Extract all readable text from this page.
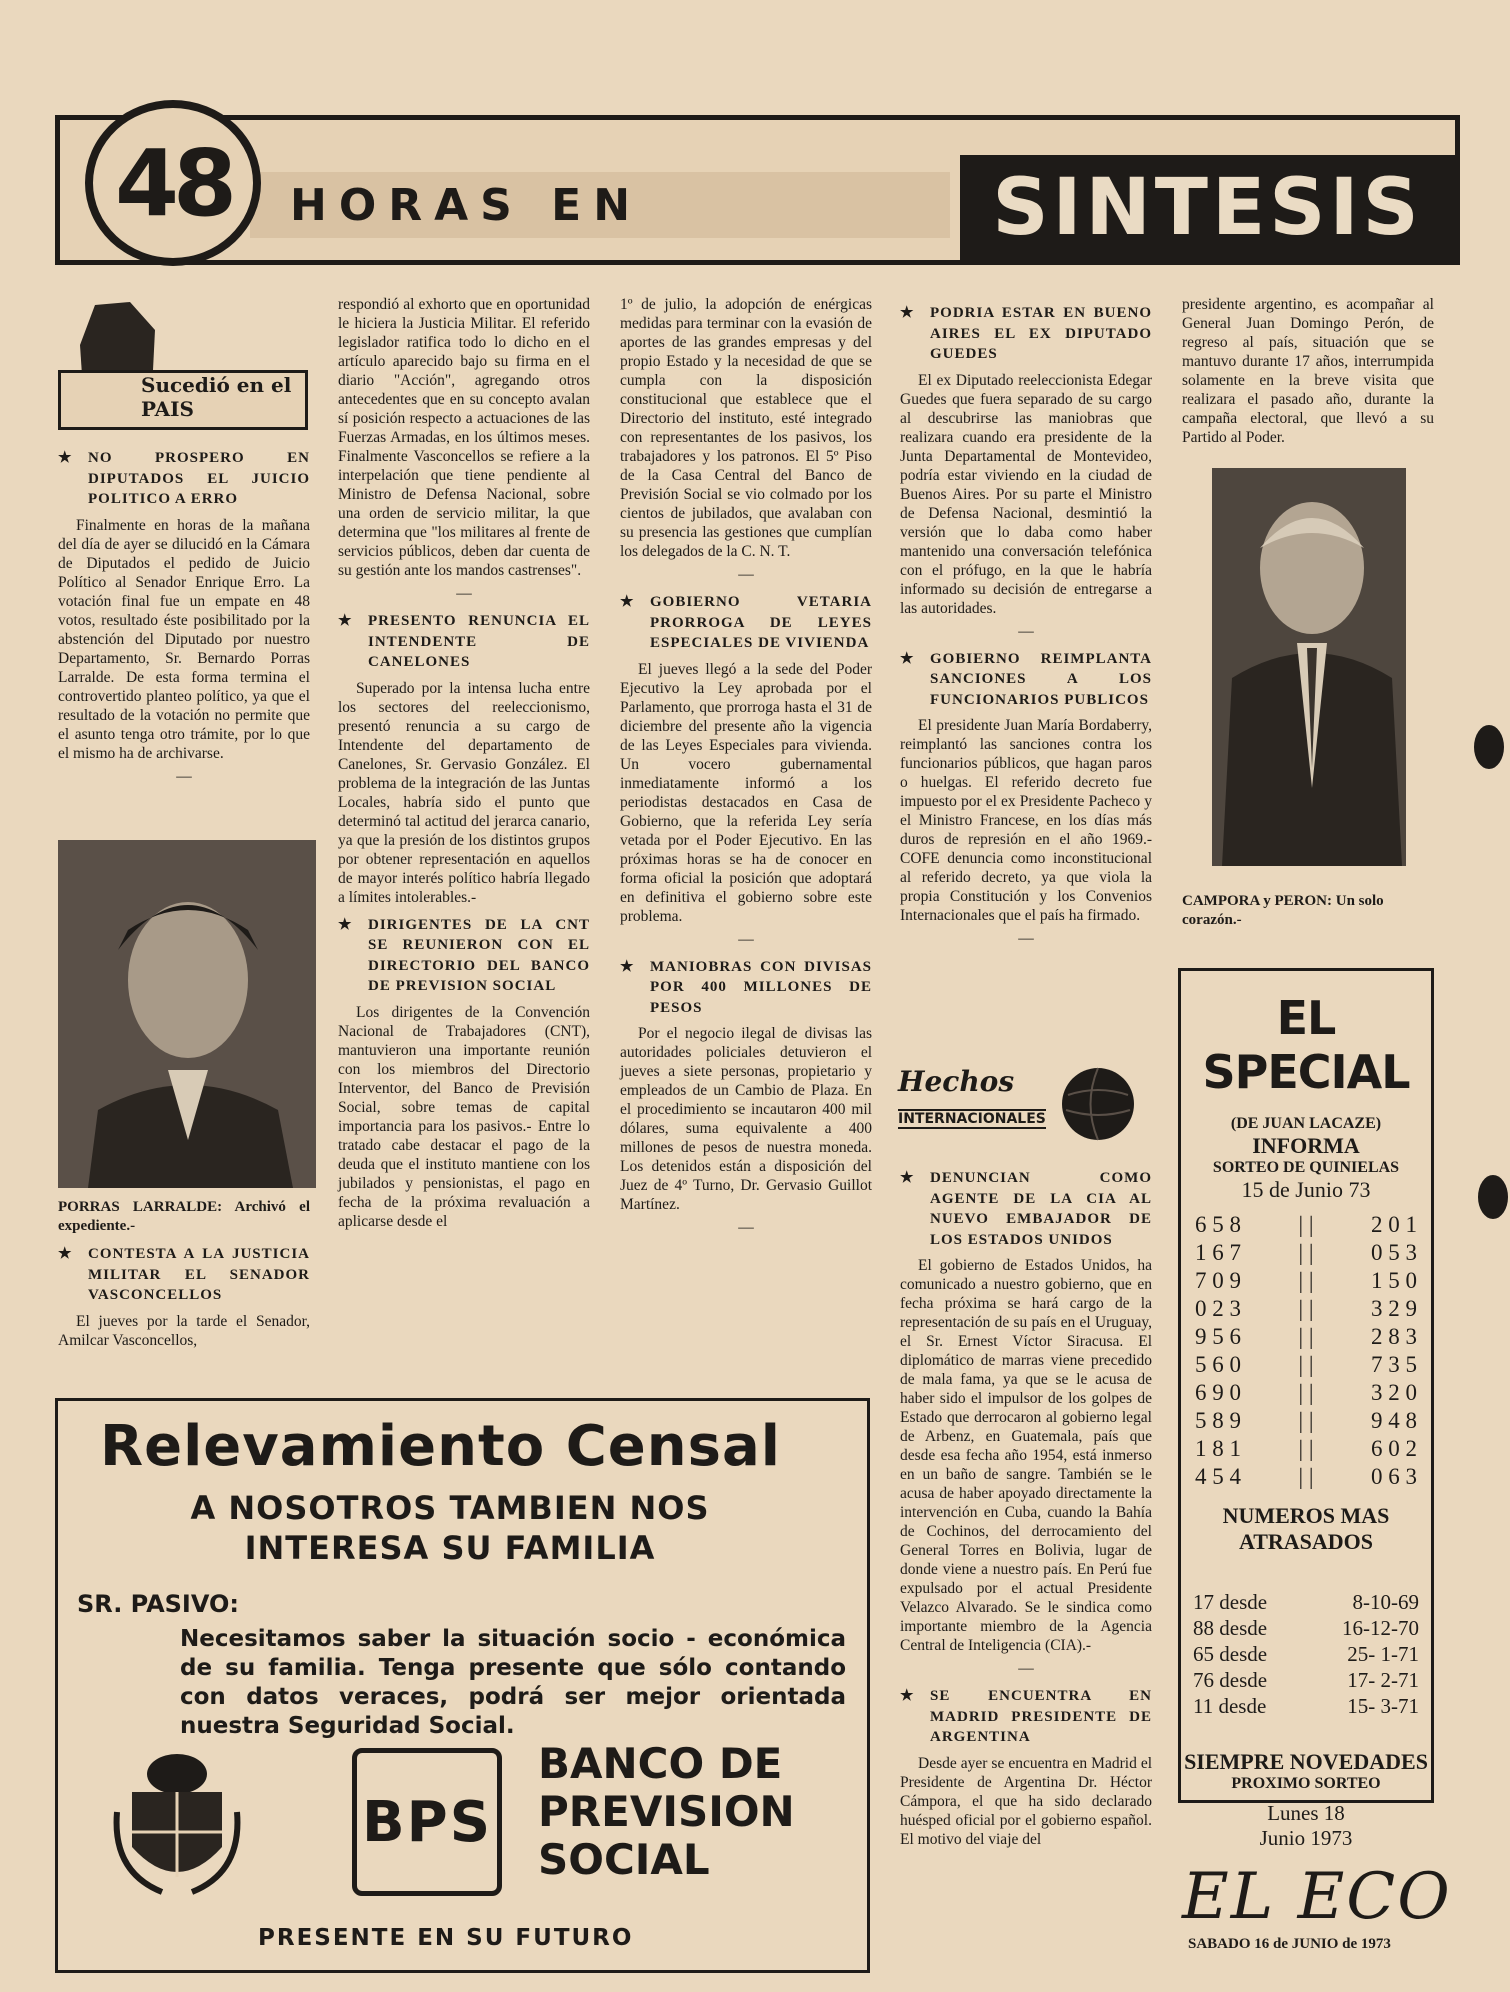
48	HORAS EN	SINTESIS
Sucedió en el PAIS
★	NO PROSPERO EN DIPUTADOS EL JUICIO POLITICO A ERRO

Finalmente en horas de la mañana del día de ayer se dilucidó en la Cámara de Diputados el pedido de Juicio Político al Senador Enrique Erro. La votación final fue un empate en 48 votos, resultado éste posibilitado por la abstención del Diputado por nuestro Departamento, Sr. Bernardo Porras Larralde. De esta forma termina el controvertido planteo político, ya que el resultado de la votación no permite que el asunto tenga otro trámite, por lo que el mismo ha de archivarse.

—
PORRAS LARRALDE: Archivó el expediente.-
★	CONTESTA A LA JUSTICIA MILITAR EL SENADOR VASCONCELLOS

El jueves por la tarde el Senador, Amilcar Vasconcellos,

respondió al exhorto que en oportunidad le hiciera la Justicia Militar. El referido legislador ratifica todo lo dicho en el artículo aparecido bajo su firma en el diario "Acción", agregando otros antecedentes que en su concepto avalan sí posición respecto a actuaciones de las Fuerzas Armadas, en los últimos meses. Finalmente Vasconcellos se refiere a la interpelación que tiene pendiente al Ministro de Defensa Nacional, sobre una orden de servicio militar, la que determina que "los militares al frente de servicios públicos, deben dar cuenta de su gestión ante los mandos castrenses".

—
★	PRESENTO RENUNCIA EL INTENDENTE DE CANELONES

Superado por la intensa lucha entre los sectores del reeleccionismo, presentó renuncia a su cargo de Intendente del departamento de Canelones, Sr. Gervasio González. El problema de la integración de las Juntas Locales, habría sido el punto que determinó tal actitud del jerarca canario, ya que la presión de los distintos grupos por obtener representación en aquellos de mayor interés político habría llegado a límites intolerables.-

★	DIRIGENTES DE LA CNT SE REUNIERON CON EL DIRECTORIO DEL BANCO DE PREVISION SOCIAL

Los dirigentes de la Convención Nacional de Trabajadores (CNT), mantuvieron una importante reunión con los miembros del Directorio Interventor, del Banco de Previsión Social, sobre temas de capital importancia para los pasivos.- Entre lo tratado cabe destacar el pago de la deuda que el instituto mantiene con los jubilados y pensionistas, el pago en fecha de la próxima revaluación a aplicarse desde el

1º de julio, la adopción de enérgicas medidas para terminar con la evasión de aportes de las grandes empresas y del propio Estado y la necesidad de que se cumpla con la disposición constitucional que establece que el Directorio del instituto, esté integrado con representantes de los pasivos, los trabajadores y los patronos. El 5º Piso de la Casa Central del Banco de Previsión Social se vio colmado por los cientos de jubilados, que avalaban con su presencia las gestiones que cumplían los delegados de la C. N. T.

—
★	GOBIERNO VETARIA PRORROGA DE LEYES ESPECIALES DE VIVIENDA

El jueves llegó a la sede del Poder Ejecutivo la Ley aprobada por el Parlamento, que prorroga hasta el 31 de diciembre del presente año la vigencia de las Leyes Especiales para vivienda. Un vocero gubernamental inmediatamente informó a los periodistas destacados en Casa de Gobierno, que la referida Ley sería vetada por el Poder Ejecutivo. En las próximas horas se ha de conocer en forma oficial la posición que adoptará en definitiva el gobierno sobre este problema.

—
★	MANIOBRAS CON DIVISAS POR 400 MILLONES DE PESOS

Por el negocio ilegal de divisas las autoridades policiales detuvieron el jueves a siete personas, propietario y empleados de un Cambio de Plaza. En el procedimiento se incautaron 400 mil dólares, suma equivalente a 400 millones de pesos de nuestra moneda. Los detenidos están a disposición del Juez de 4º Turno, Dr. Gervasio Guillot Martínez.

—
★	PODRIA ESTAR EN BUENO AIRES EL EX DIPUTADO GUEDES

El ex Diputado reeleccionista Edegar Guedes que fuera separado de su cargo al descubrirse las maniobras que realizara cuando era presidente de la Junta Departamental de Montevideo, podría estar viviendo en la ciudad de Buenos Aires. Por su parte el Ministro de Defensa Nacional, desmintió la versión que lo daba como haber mantenido una conversación telefónica con el prófugo, en la que le habría informado su decisión de entregarse a las autoridades.

—
★	GOBIERNO REIMPLANTA SANCIONES A LOS FUNCIONARIOS PUBLICOS

El presidente Juan María Bordaberry, reimplantó las sanciones contra los funcionarios públicos, que hagan paros o huelgas. El referido decreto fue impuesto por el ex Presidente Pacheco y el Ministro Francese, en los días más duros de represión en el año 1969.- COFE denuncia como inconstitucional al referido decreto, ya que viola la propia Constitución y los Convenios Internacionales que el país ha firmado.

—
Hechos
INTERNACIONALES
★	DENUNCIAN COMO AGENTE DE LA CIA AL NUEVO EMBAJADOR DE LOS ESTADOS UNIDOS

El gobierno de Estados Unidos, ha comunicado a nuestro gobierno, que en fecha próxima se hará cargo de la representación de su país en el Uruguay, el Sr. Ernest Víctor Siracusa. El diplomático de marras viene precedido de mala fama, ya que se le acusa de haber sido el impulsor de los golpes de Estado que derrocaron al gobierno legal de Arbenz, en Guatemala, país que desde esa fecha año 1954, está inmerso en un baño de sangre. También se le acusa de haber apoyado directamente la intervención en Cuba, cuando la Bahía de Cochinos, del derrocamiento del General Torres en Bolivia, lugar de donde viene a nuestro país. En Perú fue expulsado por el actual Presidente Velazco Alvarado. Se le sindica como importante miembro de la Agencia Central de Inteligencia (CIA).-

—
★	SE ENCUENTRA EN MADRID PRESIDENTE DE ARGENTINA

Desde ayer se encuentra en Madrid el Presidente de Argentina Dr. Héctor Cámpora, el que ha sido declarado huésped oficial por el gobierno español. El motivo del viaje del

presidente argentino, es acompañar al General Juan Domingo Perón, de regreso al país, situación que se mantuvo durante 17 años, interrumpida solamente en la breve visita que realizara el pasado año, durante la campaña electoral, que llevó a su Partido al Poder.

CAMPORA y PERON: Un solo corazón.-
EL SPECIAL
(DE JUAN LACAZE)
INFORMA
SORTEO DE QUINIELAS
15 de Junio 73
6 5 8	| |	2 0 1
1 6 7	| |	0 5 3
7 0 9	| |	1 5 0
0 2 3	| |	3 2 9
9 5 6	| |	2 8 3
5 6 0	| |	7 3 5
6 9 0	| |	3 2 0
5 8 9	| |	9 4 8
1 8 1	| |	6 0 2
4 5 4	| |	0 6 3
NUMEROS MAS ATRASADOS
17 desde	8-10-69
88 desde	16-12-70
65 desde	25- 1-71
76 desde	17- 2-71
11 desde	15- 3-71
SIEMPRE NOVEDADES
PROXIMO SORTEO
Lunes 18
Junio 1973
EL ECO
SABADO 16 de JUNIO de 1973
Relevamiento Censal
A NOSOTROS TAMBIEN NOS
INTERESA SU FAMILIA
SR. PASIVO:
Necesitamos saber la situación socio - económica de su familia. Tenga presente que sólo contando con datos veraces, podrá ser mejor orientada nuestra Seguridad Social.
BPS
BANCO DE
PREVISION
SOCIAL
PRESENTE EN SU FUTURO
